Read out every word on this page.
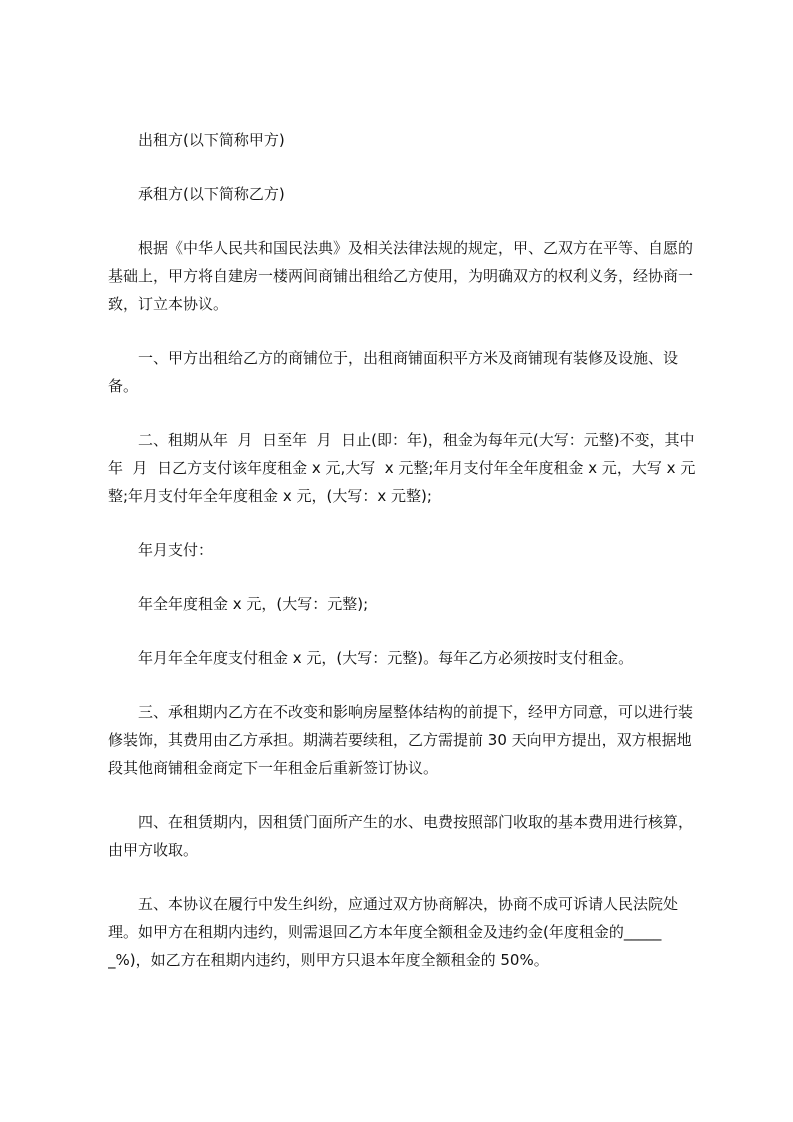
出租方(以下简称甲方)

承租方(以下简称乙方)

根据《中华人民共和国民法典》及相关法律法规的规定，甲、乙双方在平等、自愿的基础上，甲方将自建房一楼两间商铺出租给乙方使用，为明确双方的权利义务，经协商一致，订立本协议。

一、甲方出租给乙方的商铺位于，出租商铺面积平方米及商铺现有装修及设施、设备。

二、租期从年  月  日至年  月  日止(即：年)，租金为每年元(大写：元整)不变，其中年  月  日乙方支付该年度租金 x 元,大写  x 元整;年月支付年全年度租金 x 元，大写 x 元整;年月支付年全年度租金 x 元，(大写：x 元整);

年月支付：

年全年度租金 x 元，(大写：元整);

年月年全年度支付租金 x 元，(大写：元整)。每年乙方必须按时支付租金。

三、承租期内乙方在不改变和影响房屋整体结构的前提下，经甲方同意，可以进行装修装饰，其费用由乙方承担。期满若要续租，乙方需提前 30 天向甲方提出，双方根据地段其他商铺租金商定下一年租金后重新签订协议。

四、在租赁期内，因租赁门面所产生的水、电费按照部门收取的基本费用进行核算，由甲方收取。

五、本协议在履行中发生纠纷，应通过双方协商解决，协商不成可诉请人民法院处理。如甲方在租期内违约，则需退回乙方本年度全额租金及违约金(年度租金的______%)，如乙方在租期内违约，则甲方只退本年度全额租金的 50%。
